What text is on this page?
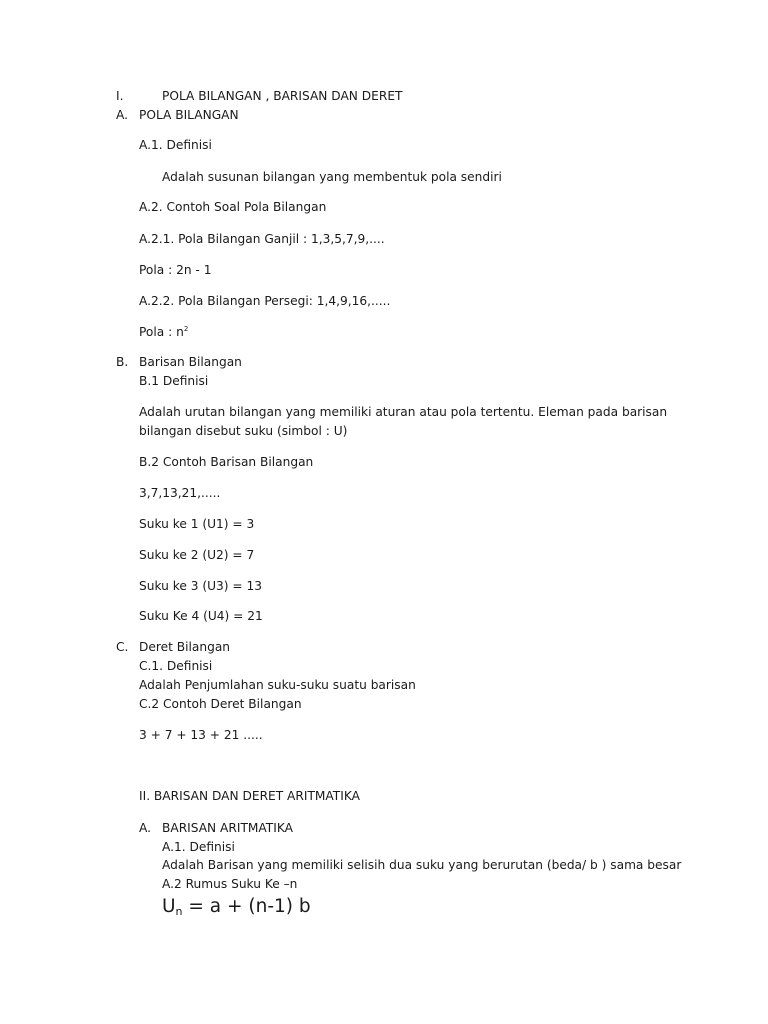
I.	POLA BILANGAN , BARISAN DAN DERET
A. POLA BILANGAN
A.1. Definisi
Adalah susunan bilangan yang membentuk pola sendiri
A.2. Contoh Soal Pola Bilangan
A.2.1. Pola Bilangan Ganjil : 1,3,5,7,9,....
Pola : 2n - 1
A.2.2. Pola Bilangan Persegi: 1,4,9,16,.....
Pola : $n^2$
B. Barisan Bilangan
B.1 Definisi
Adalah urutan bilangan yang memiliki aturan atau pola tertentu. Eleman pada barisan
bilangan disebut suku (simbol : U)
B.2 Contoh Barisan Bilangan
3,7,13,21,.....
Suku ke 1 (U1) = 3
Suku ke 2 (U2) = 7
Suku ke 3 (U3) = 13
Suku Ke 4 (U4) = 21
C. Deret Bilangan
C.1. Definisi
Adalah Penjumlahan suku-suku suatu barisan
C.2 Contoh Deret Bilangan
3 + 7 + 13 + 21 .....
II. BARISAN DAN DERET ARITMATIKA
A. BARISAN ARITMATIKA
A.1. Definisi
Adalah Barisan yang memiliki selisih dua suku yang berurutan (beda/ b ) sama besar
A.2 Rumus Suku Ke –n
$U_n = a + (n-1)$ b
